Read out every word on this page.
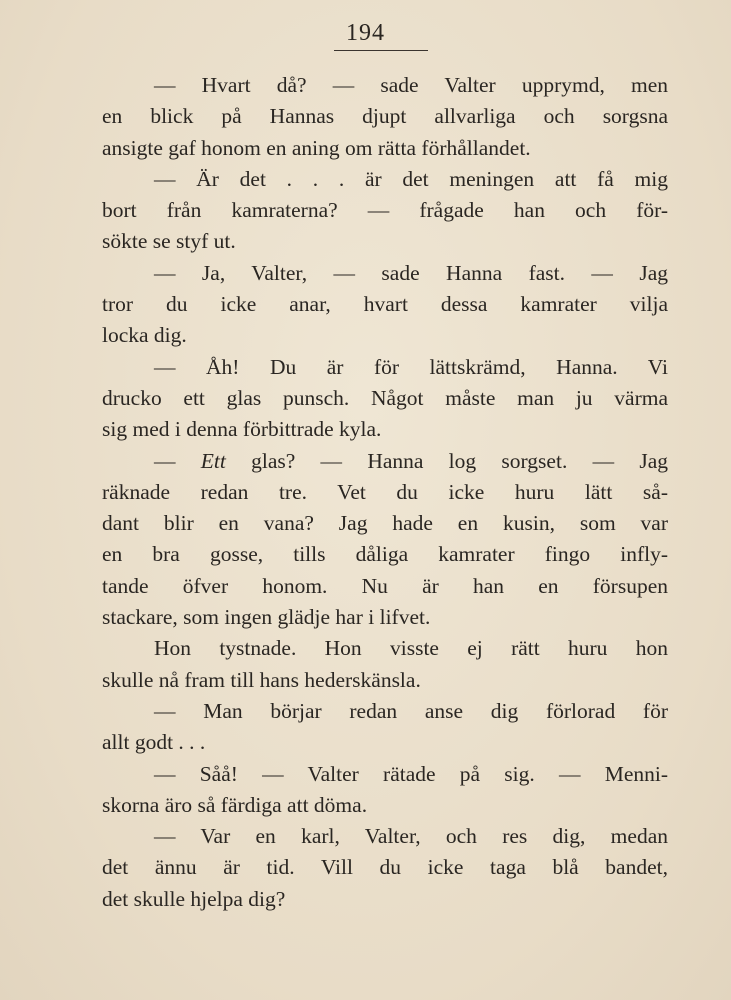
194
— Hvart då? — sade Valter upprymd, men
en blick på Hannas djupt allvarliga och sorgsna
ansigte gaf honom en aning om rätta förhållandet.
— Är det . . . är det meningen att få mig
bort från kamraterna? — frågade han och för-
sökte se styf ut.
— Ja, Valter, — sade Hanna fast. — Jag
tror du icke anar, hvart dessa kamrater vilja
locka dig.
— Åh! Du är för lättskrämd, Hanna. Vi
drucko ett glas punsch. Något måste man ju värma
sig med i denna förbittrade kyla.
— Ett glas? — Hanna log sorgset. — Jag
räknade redan tre. Vet du icke huru lätt så-
dant blir en vana? Jag hade en kusin, som var
en bra gosse, tills dåliga kamrater fingo infly-
tande öfver honom. Nu är han en försupen
stackare, som ingen glädje har i lifvet.
Hon tystnade. Hon visste ej rätt huru hon
skulle nå fram till hans hederskänsla.
— Man börjar redan anse dig förlorad för
allt godt . . .
— Såå! — Valter rätade på sig. — Menni-
skorna äro så färdiga att döma.
— Var en karl, Valter, och res dig, medan
det ännu är tid. Vill du icke taga blå bandet,
det skulle hjelpa dig?
